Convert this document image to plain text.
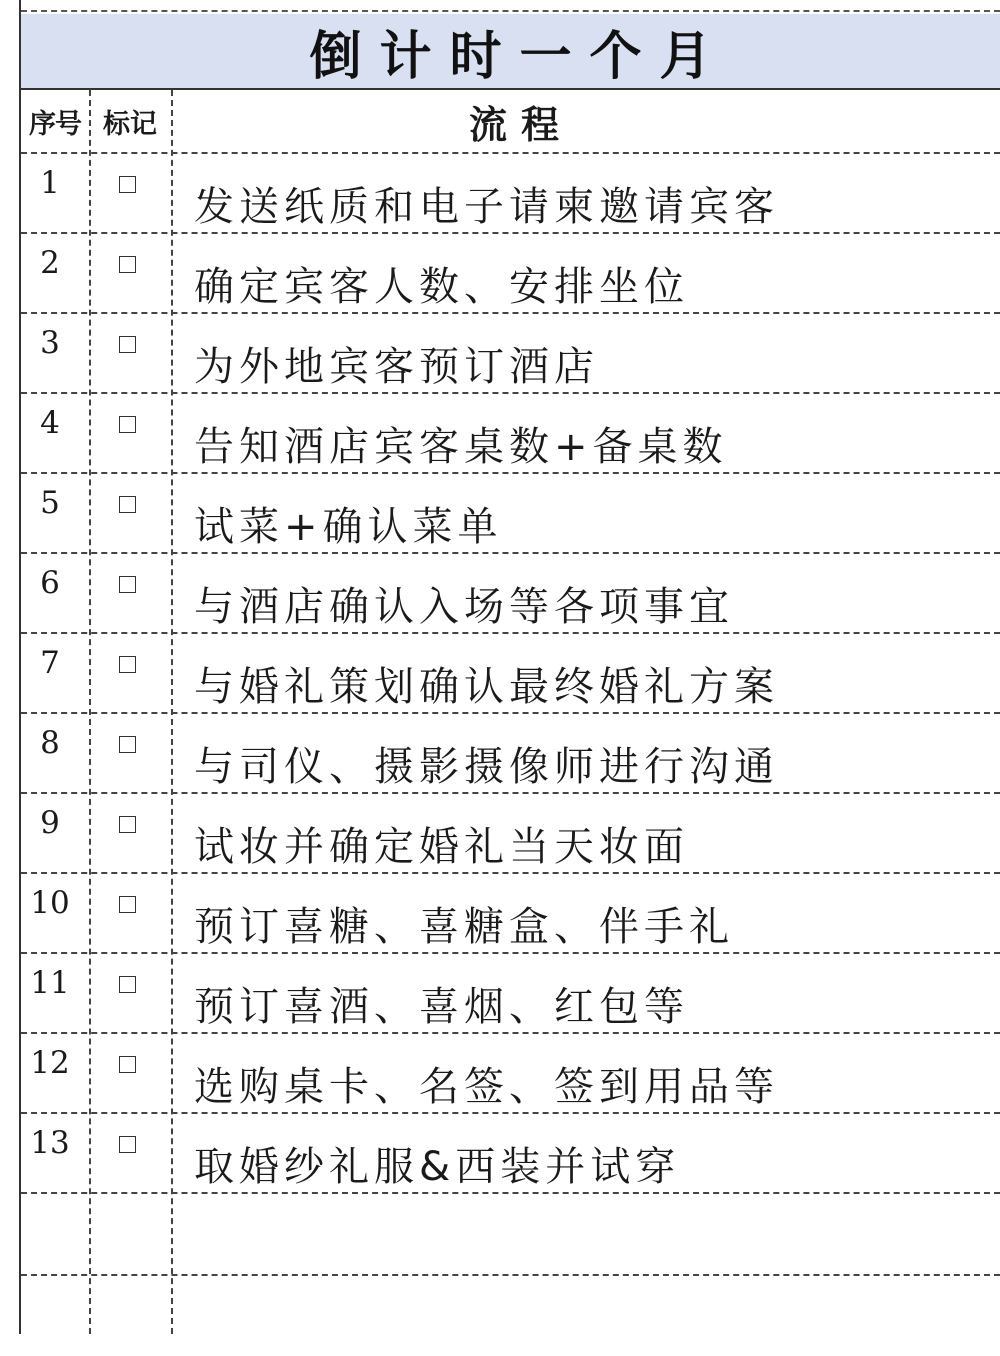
倒计时一个月
序号 标记	流程
1
发送纸质和电子请柬邀请宾客
2
确定宾客人数、安排坐位
3
为外地宾客预订酒店
4
告知酒店宾客桌数+备桌数
5
试菜+确认菜单
6
与酒店确认入场等各项事宜
7
与婚礼策划确认最终婚礼方案
8
与司仪、摄影摄像师进行沟通
9
试妆并确定婚礼当天妆面
10
预订喜糖、喜糖盒、伴手礼
11
预订喜酒、喜烟、红包等
12
选购桌卡、名签、签到用品等
13
取婚纱礼服&西装并试穿
